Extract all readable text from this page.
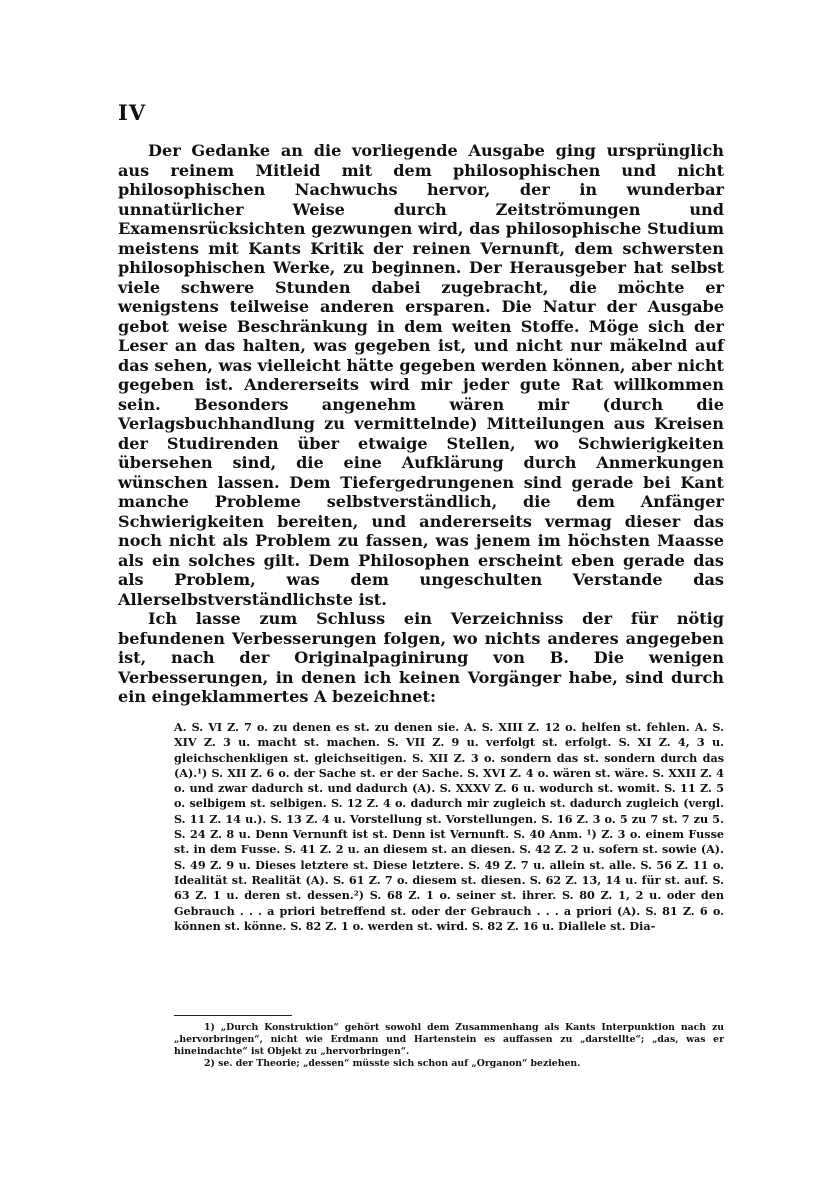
IV

Der Gedanke an die vorliegende Ausgabe ging ursprünglich aus reinem Mitleid mit dem philosophischen und nicht philosophischen Nachwuchs hervor, der in wunderbar unnatürlicher Weise durch Zeitströmungen und Examensrücksichten gezwungen wird, das philosophische Studium meistens mit Kants Kritik der reinen Vernunft, dem schwersten philosophischen Werke, zu beginnen. Der Herausgeber hat selbst viele schwere Stunden dabei zugebracht, die möchte er wenigstens teilweise anderen ersparen. Die Natur der Ausgabe gebot weise Beschränkung in dem weiten Stoffe. Möge sich der Leser an das halten, was gegeben ist, und nicht nur mäkelnd auf das sehen, was vielleicht hätte gegeben werden können, aber nicht gegeben ist. Andererseits wird mir jeder gute Rat willkommen sein. Besonders angenehm wären mir (durch die Verlagsbuchhandlung zu vermittelnde) Mitteilungen aus Kreisen der Studirenden über etwaige Stellen, wo Schwierigkeiten übersehen sind, die eine Aufklärung durch Anmerkungen wünschen lassen. Dem Tiefergedrungenen sind gerade bei Kant manche Probleme selbstverständlich, die dem Anfänger Schwierigkeiten bereiten, und andererseits vermag dieser das noch nicht als Problem zu fassen, was jenem im höchsten Maasse als ein solches gilt. Dem Philosophen erscheint eben gerade das als Problem, was dem ungeschulten Verstande das Allerselbstverständlichste ist.

Ich lasse zum Schluss ein Verzeichniss der für nötig befundenen Verbesserungen folgen, wo nichts anderes angegeben ist, nach der Originalpaginirung von B. Die wenigen Verbesserungen, in denen ich keinen Vorgänger habe, sind durch ein eingeklammertes A bezeichnet:

A. S. VI Z. 7 o. zu denen es st. zu denen sie. A. S. XIII Z. 12 o. helfen st. fehlen. A. S. XIV Z. 3 u. macht st. machen. S. VII Z. 9 u. verfolgt st. erfolgt. S. XI Z. 4, 3 u. gleichschenkligen st. gleichseitigen. S. XII Z. 3 o. sondern das st. sondern durch das (A).¹) S. XII Z. 6 o. der Sache st. er der Sache. S. XVI Z. 4 o. wären st. wäre. S. XXII Z. 4 o. und zwar dadurch st. und dadurch (A). S. XXXV Z. 6 u. wodurch st. womit. S. 11 Z. 5 o. selbigem st. selbigen. S. 12 Z. 4 o. dadurch mir zugleich st. dadurch zugleich (vergl. S. 11 Z. 14 u.). S. 13 Z. 4 u. Vorstellung st. Vorstellungen. S. 16 Z. 3 o. 5 zu 7 st. 7 zu 5. S. 24 Z. 8 u. Denn Vernunft ist st. Denn ist Vernunft. S. 40 Anm. ¹) Z. 3 o. einem Fusse st. in dem Fusse. S. 41 Z. 2 u. an diesem st. an diesen. S. 42 Z. 2 u. sofern st. sowie (A). S. 49 Z. 9 u. Dieses letztere st. Diese letztere. S. 49 Z. 7 u. allein st. alle. S. 56 Z. 11 o. Idealität st. Realität (A). S. 61 Z. 7 o. diesem st. diesen. S. 62 Z. 13, 14 u. für st. auf. S. 63 Z. 1 u. deren st. dessen.²) S. 68 Z. 1 o. seiner st. ihrer. S. 80 Z. 1, 2 u. oder den Gebrauch . . . a priori betreffend st. oder der Gebrauch . . . a priori (A). S. 81 Z. 6 o. können st. könne. S. 82 Z. 1 o. werden st. wird. S. 82 Z. 16 u. Diallele st. Dia-

1) „Durch Konstruktion“ gehört sowohl dem Zusammenhang als Kants Interpunktion nach zu „hervorbringen“, nicht wie Erdmann und Hartenstein es auffassen zu „darstellte“; „das, was er hineindachte“ ist Objekt zu „hervorbringen“.

2) se. der Theorie; „dessen“ müsste sich schon auf „Organon“ beziehen.
